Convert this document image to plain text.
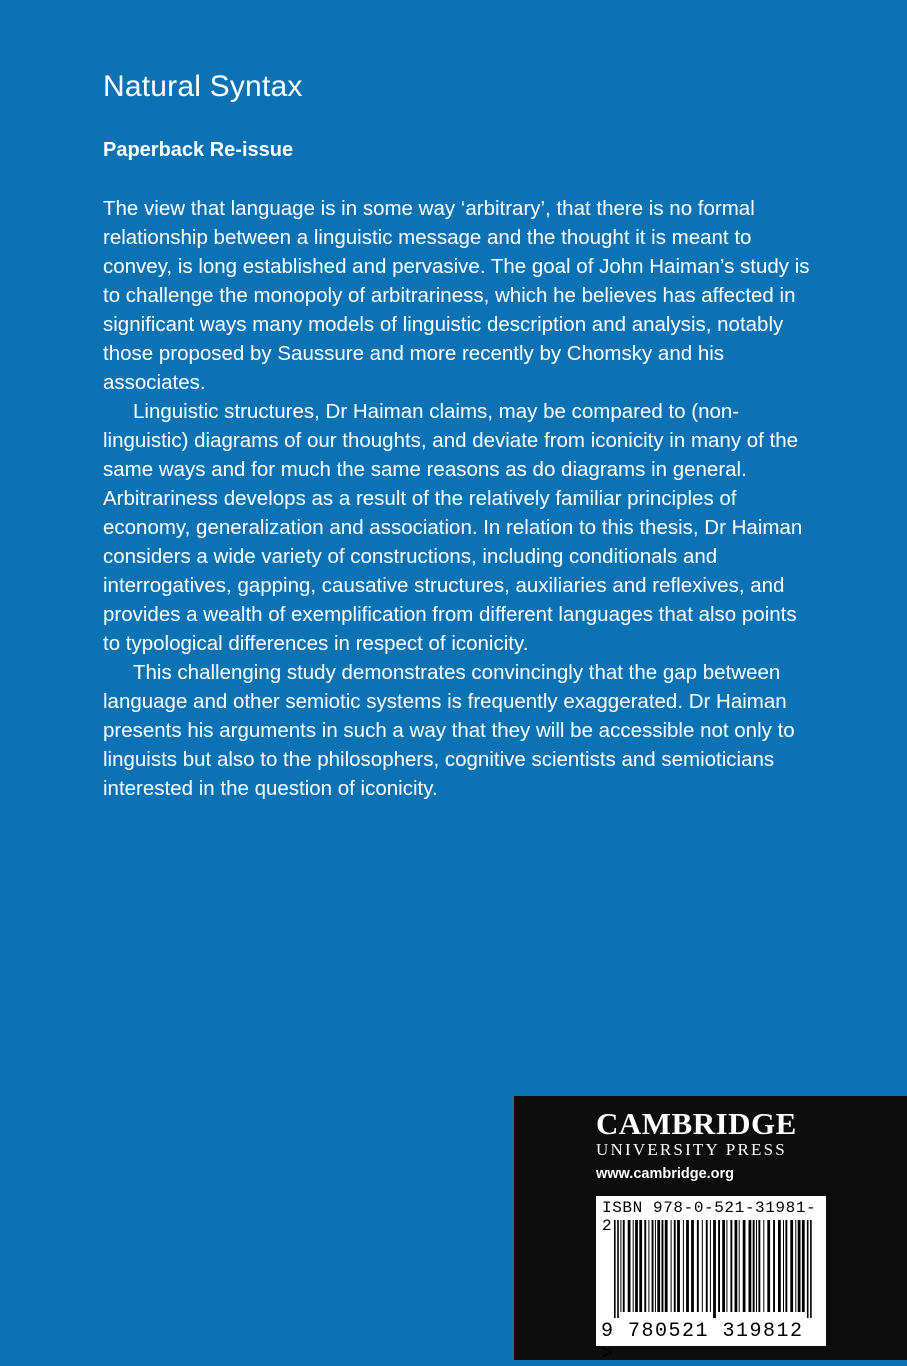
Natural Syntax
Paperback Re-issue

The view that language is in some way ‘arbitrary’, that there is no formal relationship between a linguistic message and the thought it is meant to convey, is long established and pervasive. The goal of John Haiman’s study is to challenge the monopoly of arbitrariness, which he believes has affected in significant ways many models of linguistic description and analysis, notably those proposed by Saussure and more recently by Chomsky and his associates.

Linguistic structures, Dr Haiman claims, may be compared to (non-linguistic) diagrams of our thoughts, and deviate from iconicity in many of the same ways and for much the same reasons as do diagrams in general. Arbitrariness develops as a result of the relatively familiar principles of economy, generalization and association. In relation to this thesis, Dr Haiman considers a wide variety of constructions, including conditionals and interrogatives, gapping, causative structures, auxiliaries and reflexives, and provides a wealth of exemplification from different languages that also points to typological differences in respect of iconicity.

This challenging study demonstrates convincingly that the gap between language and other semiotic systems is frequently exaggerated. Dr Haiman presents his arguments in such a way that they will be accessible not only to linguists but also to the philosophers, cognitive scientists and semioticians interested in the question of iconicity.

CAMBRIDGE
UNIVERSITY PRESS
www.cambridge.org
ISBN 978-0-521-31981-2
9 780521 319812 >
